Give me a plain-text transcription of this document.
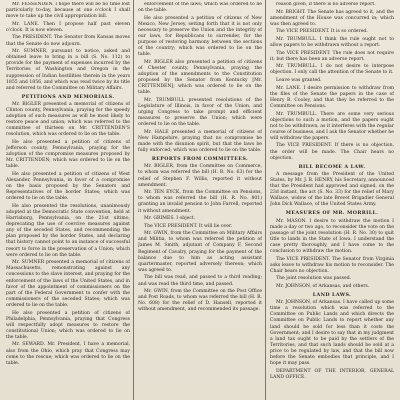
Mr. FESSENDEN. I hope there will be no time lost particularly to-day, because at one o'clock I shall move to take up the civil appropriation bill.
Mr. LANE. Then I propose half past eleven o'clock. It is now eleven.
The PRESIDENT. The Senator from Kansas moves that the Senate do now adjourn.
Mr. SUMNER, pursuant to notice, asked and obtained leave to bring in a bill (S. No. 112) to provide for the payment of expenses incurred by the Territories of Washington and Oregon in the suppression of Indian hostilities therein in the years 1855 and 1856, and which was read twice by its title and referred to the Committee on Military Affairs.
PETITIONS AND MEMORIALS.
Mr. BIGLER presented a memorial of citizens of Clinton county, Pennsylvania, praying for the speedy adoption of such measures as will be most likely to restore peace and union; which was referred to the committee of thirteen on Mr. CRITTENDEN'S resolution, which was ordered to lie on the table.
He also presented a petition of citizens of Jefferson county, Pennsylvania, praying for the adoption of the compromise measures proposed by Mr. CRITTENDEN; which was ordered to lie on the table.
He also presented a petition of citizens of West Alexander, Pennsylvania, in favor of a compromise on the basis proposed by the Senators and Representatives of the border States; which was ordered to lie on the table.
He also presented the resolutions, unanimously adopted at the Democratic State convention, held at Harrisburg, Pennsylvania, on the 21st ultimo, deprecating the use of coercive measures against any of the seceded States, and recommending the plan proposed by the border States, and declaring that history cannot point to an instance of successful resort to force in the preservation of a Union; which were ordered to lie on the table.
Mr. SUMNER presented a memorial of citizens of Massachusetts, remonstrating against any concessions to the slave interest, and praying for the enforcement of the laws of the United States, and in favor of the appointment of commissioners on the part of the Federal Government to confer with the commissioners of the seceded States; which was ordered to lie on the table.
He also presented a petition of citizens of Philadelphia, Pennsylvania, praying that Congress will respectfully adopt measures to restore the constitutional Union; which was ordered to lie on the table.
Mr. SEWARD. Mr. President, I have a memorial, also from the Ohio, which pray that Congress may come to the rescue; which was ordered to lie on the table.
enforcement of the laws; which was ordered to lie on the table.
He also presented a petition of citizens of New Mexico, New Jersey, setting forth that it is not only necessary to preserve the Union and the integrity of our laws, for Republicans to surrender, for the purpose of restoring harmony between the sections of the country; which was ordered to lie on the table.
Mr. BIGLER also presented a petition of citizens of Chester county, Pennsylvania, praying the adoption of the amendments to the Constitution proposed by the Senator from Kentucky [Mr. CRITTENDEN]; which was ordered to lie on the table.
Mr. TRUMBULL presented resolutions of the Legislature of Illinois, in favor of the Union, and urging Congress to take prompt and efficient measures to preserve the Union; which were ordered to lie on the table.
Mr. HALE presented a memorial of citizens of New Hampshire, praying that no compromise be made with the disunion spirit, but that the laws be fully enforced; which was ordered to lie on the table.
REPORTS FROM COMMITTEES.
Mr. BIGLER, from the Committee on Commerce, to whom was referred the bill (H. R. No. 63) for the relief of Stephen F. Willis, reported it without amendment.
Mr. TEN EYCK, from the Committee on Pensions, to whom was referred the bill (H. R. No. 801) granting an invalid pension to John Farrell, reported it without amendment.
Mr. GRIMES. I object.
The VICE PRESIDENT. It will lie over.
Mr. GWIN, from the Committee on Military Affairs and Militia, to whom was referred the petition of James M. Smith, adjutant of Company F, Second Regiment of Cavalry, praying for the payment of the balance due to him as acting assistant quartermaster, reported adversely thereon; which was agreed to.
The bill was read, and passed to a third reading; and was read the third time, and passed.
Mr. GWIN, from the Committee on the Post Office and Post Roads, to whom was referred the bill (H. R. No. 608) for the relief of D. Hansell, reported it without amendment, and recommended its passage.
reason given, if there is no adverse report.
Mr. BRIGHT. The Senate has agreed to it, and the amendment of the House was concurred in; which was then agreed to.
The VICE PRESIDENT. It is so ordered.
Mr. TRUMBULL. I think the rule ought not to allow papers to be withdrawn without a report.
The VICE PRESIDENT. The rule does not require it; but there has been an adverse report.
Mr. TRUMBULL. I do not desire to interpose objection. I only call the attention of the Senate to it.
Leave was granted.
Mr. LANE. I desire permission to withdraw from the files of the Senate the papers in the case of Henry B. Cooley, and that they be referred to the Committee on Pensions.
Mr. TRUMBULL. There are some very serious objections to such a motion, and the papers ought not to be withdrawn, as it interferes with the regular course of business, and I ask the Senator whether he will withdraw the papers.
The VICE PRESIDENT. If there is no objection, the order will be made. The Chair hears no objection.
BILL BECOME A LAW.
A message from the President of the United States, by Mr. J. B. HENRY, his Secretary, announced that the President had approved and signed, on the 23d instant, the act (S. No. 33) for the relief of Mary Wallace, widow of the late Brevet Brigadier General John Dick Wallace, of the United States Army.
MEASURES OF MR. MORRILL.
Mr. MASON. I desire to withdraw the motion I made a day or two ago, to reconsider the vote on the passage of the joint resolution (H. R. No. 30) to quit title to lands in the State of Iowa. I understand the case pretty thoroughly, and I have come to the conclusion to withdraw the motion.
The VICE PRESIDENT. The Senator from Virginia asks leave to withdraw his motion to reconsider. The Chair hears no objection.
The joint resolution was passed.
Mr. JOHNSON, of Arkansas, and others.
LAND LAWS.
Mr. JOHNSON, of Arkansas. I have called up some time a resolution which was referred to the Committee on Public Lands and which directs the Committee on Public Lands to report whether any land should be sold for less than it costs the Government; and I desire to say that in my judgment a land tax ought to be paid by the settlers of the Territories, and that such lands should be sold at a price to be regulated by law, and that the bill now before the Senate embodies that principle, and I hope it may pass.
DEPARTMENT OF THE INTERIOR, GENERAL LAND OFFICE.
